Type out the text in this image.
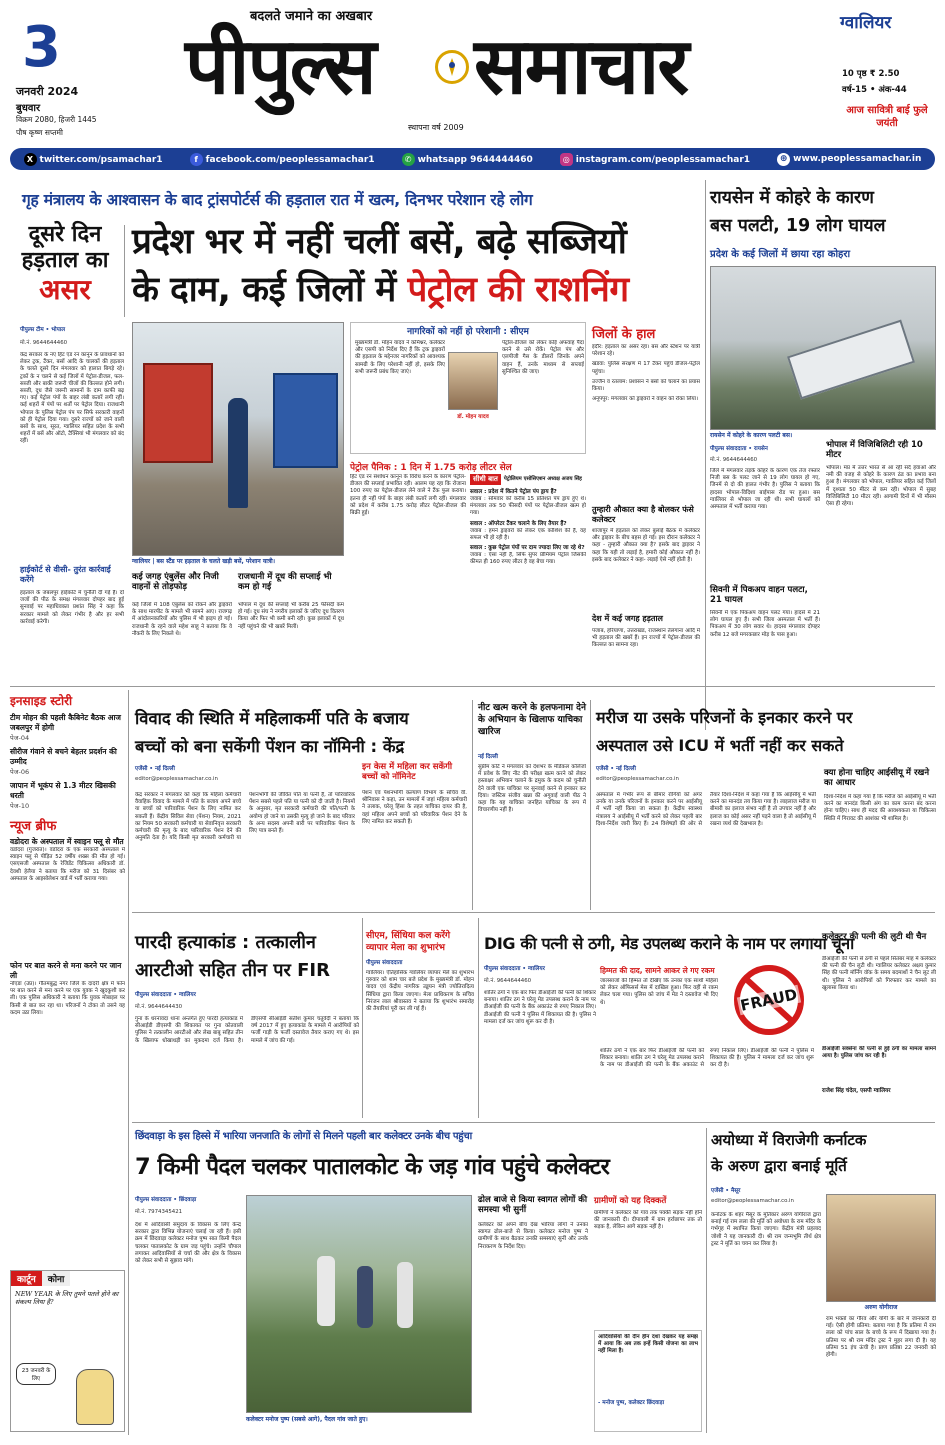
3
जनवरी 2024
बुधवार
विक्रम 2080, हिजरी 1445
पौष कृष्ण सप्तमी
बदलते जमाने का अखबार
पीपुल्स समाचार
स्थापना वर्ष 2009
ग्वालियर
10 पृष्ठ ₹ 2.50
वर्ष-15 • अंक-44
आज सावित्री बाई फुले जयंती
X twitter.com/psamachar1	f facebook.com/peoplessamachar1	✆ whatsapp 9644444460	◎ instagram.com/peoplessamachar1	⊕ www.peoplessamachar.in
गृह मंत्रालय के आश्वासन के बाद ट्रांसपोर्टर्स की हड़ताल रात में खत्म, दिनभर परेशान रहे लोग
दूसरे दिन
हड़ताल का
असर
प्रदेश भर में नहीं चलीं बसें, बढ़े सब्जियों
के दाम, कई जिलों में पेट्रोल की राशनिंग
पीपुल्स टीम • भोपाल
मो.नं. 9644644460
केंद्र सरकार के नए हिट एंड रन कानून के प्रावधानों को लेकर ट्रक, टैंकर, बसों आदि के चालकों की हड़ताल के चलते दूसरे दिन मंगलवार को हालात बिगड़े रहे। ट्रकों के न चलने से कई जिलों में पेट्रोल-डीजल, फल-सब्जी और बाकी जरूरी चीजों की किल्लत होने लगी। सब्जी, दूध जैसे जरूरी सामानों के दाम काफी बढ़ गए। कई पेट्रोल पंपों के बाहर लंबी कतारें लगी रहीं। कई शहरों में पंपों पर शर्तों पर पेट्रोल दिया। राजधानी भोपाल के पुलिस पेट्रोल पंप पर सिर्फ सरकारी वाहनों को ही पेट्रोल दिया गया। दूसरे राज्यों को जाने वाली बसों के साथ, सूरत, ग्वालियर सहित प्रदेश के सभी शहरों में बसें और ऑटो, टैक्सियां भी मंगलवार को बंद रहीं।
हाईकोर्ट से वीसी- तुरंत कार्रवाई करेंगे
हड़ताल के जबलपुर हाईकोर्ट में चुनौती दी गई है। दो जजों की पीठ के समक्ष मंगलवार दोपहर बाद हुई सुनवाई पर महाधिवक्ता प्रशांत सिंह ने कहा कि सरकार मामले को लेकर गंभीर है और हर सभी कार्रवाई करेगी।
ग्वालियर | बस स्टैंड पर हड़ताल के चलते खड़ी बसें, परेशान यात्री।
कई जगह एंबुलेंस और निजी वाहनों से तोड़फोड़
कई जिलों में 108 एंबुलेंस को रोकने और ड्राइवरों के साथ मारपीट के मामले भी सामने आए। राजगढ़ में आंदोलनकारियों और पुलिस में भी झड़प हो गई। राजधानी के रहने वाले महेश साहू ने बताया कि वे नौकरी के लिए निकले थे।
राजधानी में दूध की सप्लाई भी कम हो गई
भोपाल में दूध की सप्लाई भी करीब 25 फीसदी कम हो गई। दूध संघ ने नगरीय इलाकों के जरिए दूध वितरण किया और फिर भी कमी बनी रही। कुछ इलाकों में दूध नहीं पहुंचने की भी खबरें मिलीं।
नागरिकों को नहीं हो परेशानी : सीएम
मुख्यमंत्री डॉ. मोहन यादव ने कमिश्नर, कलेक्टर और एसपी को निर्देश दिए हैं कि ट्रक ड्राइवरों की हड़ताल के मद्देनजर नागरिकों को आवश्यक सामग्री के लिए परेशानी नहीं हो, इसके लिए सभी जरूरी प्रबंध किए जाएं।
डॉ. मोहन यादव
पेट्रोल-डीजल को लेकर कोई अफवाह पैदा करने से उसे रोकें। पेट्रोल पंप और एलपीजी गैस के डीलरों जिनके अपने वाहन हैं, उनके माध्यम से सप्लाई सुनिश्चित की जाए।
पेट्रोल पैनिक : 1 दिन में 1.75 करोड़ लीटर सेल
हिट एंड रन संशोधन कानून के विरोध करने के कारण पेट्रोल-डीजल की सप्लाई प्रभावित रही। आलम यह रहा कि रोजाना 100 रुपए का पेट्रोल-डीजल लेने वाले ने टैंक फुल कराया। इतना ही नहीं पंपों के बाहर लंबी कतारें लगी रहीं। मंगलवार को प्रदेश में करीब 1.75 करोड़ लीटर पेट्रोल-डीजल की बिक्री हुई।
सीधी बात	पेट्रोलियम एसोसिएशन अध्यक्ष अजय सिंह
सवाल : प्रदेश में कितने पेट्रोल पंप ड्राय हैं?
जवाब : सोमवार को करीब 15 प्रतिशत पंप ड्राय हुए थे। मंगलवार तक 50 फीसदी पंपों पर पेट्रोल-डीजल खत्म हो गया।
सवाल : ऑपरेटर टैंकर चलाने के लिए तैयार हैं?
जवाब : हमने ड्राइवरों को लेकर एक कोशिश की है, वह सफल भी हो रही है।
सवाल : कुछ पेट्रोल पंपों पर दाम ज्यादा लिए जा रहे थे?
जवाब : ऐसा नहीं है, सिर्फ सुपर प्रीमियम पेट्रोल जिसकी कीमत ही 160 रुपए लीटर है वह बेचा गया।
जिलों के हाल
इंदौर: हड़ताल का असर रहा। बस और स्टेशन पर यात्री परेशान रहे।
खंडवा: पुलिस संरक्षण में 17 टैंकर पहुंचे डीजल-पेट्रोल पहुंचा।
उज्जैन व रतलाम: प्रशासन ने बसों को चलाने का प्रयास किया।
अनूपपुर: मंगलवार को ड्राइवरों ने वाहन को रोका लिया।
तुम्हारी औकात क्या है बोलकर फंसे कलेक्टर
शाजापुर में हड़ताल को लेकर बुलाई बैठक में कलेक्टर और ड्राइवर के बीच बहस हो गई। इस दौरान कलेक्टर ने कहा - तुम्हारी औकात क्या है? इसके बाद ड्राइवर ने कहा कि यही तो लड़ाई है, हमारी कोई औकात नहीं है। इसके बाद कलेक्टर ने कहा- लड़ाई ऐसे नहीं होती है।
देश में कई जगह हड़ताल
पंजाब, हरियाणा, उत्तराखंड, राजस्थान तेलंगाना आदि में भी हड़ताल की खबरें हैं। इन राज्यों में पेट्रोल-डीजल की किल्लत का सामना रहा।
रायसेन में कोहरे के कारण
बस पलटी, 19 लोग घायल
प्रदेश के कई जिलों में छाया रहा कोहरा
रायसेन में कोहरे के कारण पलटी बस।
पीपुल्स संवाददाता • रायसेन
मो.नं. 9644644460
जिले में मंगलवार तड़के कोहरे के कारण एक तेज रफ्तार निजी बस के पलट जाने से 19 लोग घायल हो गए, जिनमें से दो की हालत गंभीर है। पुलिस ने बताया कि हादसा भोपाल-विदिशा बाईपास रोड पर हुआ। बस ग्वालियर से भोपाल जा रही थी। सभी घायलों को अस्पताल में भर्ती कराया गया।
सिवनी में पिकअप वाहन पलटा, 21 घायल
सिवनी में एक पिकअप वाहन पलट गया। हादसे में 21 लोग घायल हुए हैं। सभी जिला अस्पताल में भर्ती हैं। पिकअप में 30 लोग सवार थे। हादसा मंगलवार दोपहर करीब 12 बजे मगरकछार मोड़ के पास हुआ।
भोपाल में विजिबिलिटी रही 10 मीटर
भोपाल। मप्र में उत्तर भारत से आ रही सर्द हवाओं और नमी की वजह से कोहरे के कारण ठंड का प्रभाव बना हुआ है। मंगलवार को भोपाल, ग्वालियर सहित कई जिलों में दृश्यता 50 मीटर से कम रही। भोपाल में सुबह विजिबिलिटी 10 मीटर रही। आगामी दिनों में भी मौसम ऐसा ही रहेगा।
इनसाइड स्टोरी
टीम मोहन की पहली कैबिनेट बैठक आज जबलपुर में होगी
पेज-04
सीरीज गंवाने से बचने बेहतर प्रदर्शन की उम्मीद
पेज-06
जापान में भूकंप से 1.3 मीटर खिसकी धरती
पेज-10
न्यूज ब्रीफ
वडोदरा के अस्पताल में स्वाइन फ्लू से मौत
वडोदरा (गुजरात)। वडोदरा के एक सरकारी अस्पताल में स्वाइन फ्लू से पीड़ित 52 वर्षीय शख्स की मौत हो गई। एसएसजी अस्पताल के रेजिडेंट चिकित्सा अधिकारी डॉ. देवशी हेलैया ने बताया कि मरीज को 31 दिसंबर को अस्पताल के आइसोलेशन वार्ड में भर्ती कराया गया।
फोन पर बात करने से मना करने पर जान ली
नोएडा (उप्र)। गौतमबुद्ध नगर जिले के दादरी क्षेत्र में फोन पर बात करने से मना करने पर एक युवक ने खुदकुशी कर ली। एक पुलिस अधिकारी ने बताया कि युवक मोबाइल पर किसी से बात कर रहा था। परिजनों ने टोका तो उसने यह कदम उठा लिया।
कार्टून	कोना
NEW YEAR के लिए तुमने पतले होने का संकल्प लिया है?
23 जनवरी के लिए
विवाद की स्थिति में महिलाकर्मी पति के बजाय
बच्चों को बना सकेंगी पेंशन का नॉमिनी : केंद्र
एजेंसी • नई दिल्ली
editor@peoplessamachar.co.in
केंद्र सरकार ने मंगलवार को कहा कि महिला कर्मचारी वैवाहिक विवाद के मामले में पति के बजाय अपने बच्चे या बच्चों को पारिवारिक पेंशन के लिए नामित कर सकती हैं। केंद्रीय सिविल सेवा (पेंशन) नियम, 2021 का नियम 50 सरकारी कर्मचारी या सेवानिवृत्त सरकारी कर्मचारी की मृत्यु के बाद पारिवारिक पेंशन देने की अनुमति देता है। यदि किसी मृत सरकारी कर्मचारी या पेंशनभोगी की जीवित पति या पत्नी है, तो पारिवारिक पेंशन सबसे पहले पति या पत्नी को दी जाती है। नियमों के अनुसार, मृत सरकारी कर्मचारी की पति/पत्नी के अयोग्य हो जाने या उसकी मृत्यु हो जाने के बाद परिवार के अन्य सदस्य अपनी बारी पर पारिवारिक पेंशन के लिए पात्र बनते हैं।
इन केस में महिला कर सकेंगी बच्चों को नॉमिनेट
पेंशन एवं पेंशनभोगी कल्याण विभाग के सचिव वी. श्रीनिवास ने कहा, उन मामलों में जहां महिला कर्मचारी ने तलाक, घरेलू हिंसा के तहत याचिका दायर की है, वहां महिला अपने बच्चों को परिवारिक पेंशन देने के लिए नामित कर सकती हैं।
नीट खत्म करने के हलफनामा देने के अभियान के खिलाफ याचिका खारिज
नई दिल्ली
सुप्रीम कोर्ट ने मंगलवार को देशभर के मेडिकल कॉलेजों में प्रवेश के लिए नीट की परीक्षा खत्म करने को लेकर हस्ताक्षर अभियान चलाने के द्रमुक के कदम को चुनौती देने वाली एक याचिका पर सुनवाई करने से इनकार कर दिया। जस्टिस संजीव खन्ना की अगुवाई वाली पीठ ने कहा कि यह याचिका जनहित याचिका के रूप में विचारणीय नहीं है।
मरीज या उसके परिजनों के इनकार करने पर
अस्पताल उसे ICU में भर्ती नहीं कर सकते
एजेंसी • नई दिल्ली
editor@peoplessamachar.co.in
अस्पताल में गंभीर रूप से बीमार रोगियों को अगर उनके या उनके परिजनों के इनकार करने पर आईसीयू में भर्ती नहीं किया जा सकता है। केंद्रीय स्वास्थ्य मंत्रालय ने आईसीयू में भर्ती करने को लेकर पहली बार दिशा-निर्देश जारी किए हैं। 24 विशेषज्ञों की ओर से तैयार दिशा-निर्देश में कहा गया है कि आईसीयू में भर्ती करने का मानदंड तय किया गया है। लाइलाज मरीज या बीमारी का इलाज संभव नहीं है तो उपचार नहीं है और इलाज का कोई असर नहीं पड़ने वाला है तो आईसीयू में रखना व्यर्थ की देखभाल है।
क्या होना चाहिए आईसीयू में रखने का आधार
दिशा-निर्देश में कहा गया है कि मरीज को आईसीयू में भर्ती करने का मानदंड किसी अंग का काम करना बंद करना होना चाहिए। साथ ही मदद की आवश्यकता या चिकित्सा स्थिति में गिरावट की आशंका भी शामिल है।
पारदी हत्याकांड : तत्कालीन
आरटीओ सहित तीन पर FIR
पीपुल्स संवाददाता • ग्वालियर
मो.नं. 9644644430
गुना के धरनावदा थाना अन्तर्गत हुए पारदी हत्याकांड में सीआईडी डीएसपी की शिकायत पर गुना कोतवाली पुलिस ने तत्कालीन आरटीओ और लेख बाबू सहित तीन के खिलाफ धोखाधड़ी का मुकदमा दर्ज किया है। डीएसपी सीआईडी सतीश कुमार चतुर्वेदी ने बताया कि वर्ष 2017 में हुए हत्याकांड के मामले में आरोपियों को फर्जी गाड़ी के फर्जी दस्तावेज तैयार कराए गए थे। इस मामले में जांच की गई।
सीएम, सिंधिया कल करेंगे व्यापार मेला का शुभारंभ
पीपुल्स संवाददाता
ग्वालियर। ऐतिहासिक ग्वालियर व्यापार मेले का शुभारंभ गुरुवार को शाम चार बजे प्रदेश के मुख्यमंत्री डॉ. मोहन यादव एवं केंद्रीय नागरिक उड्डयन मंत्री ज्योतिरादित्य सिंधिया द्वारा किया जाएगा। मेला प्राधिकरण के सचिव निरंजन लाल श्रीवास्तव ने बताया कि शुभारंभ समारोह की तैयारियां पूरी कर ली गई हैं।
DIG की पत्नी से ठगी, मेड उपलब्ध कराने के नाम पर लगाया चूना
पीपुल्स संवाददाता • ग्वालियर
मो.नं. 9644644460
शातिर ठगों ने एक बार फिर डीआईजी की पत्नी को शिकार बनाया। शातिर ठग ने घरेलू मेड उपलब्ध कराने के नाम पर डीआईजी की पत्नी के बैंक अकाउंट से रुपए निकाल लिए। डीआईजी की पत्नी ने पुलिस में शिकायत की है। पुलिस ने मामला दर्ज कर जांच शुरू कर दी है।
हिम्मत की दाद, सामने आकर ले गए रकम
जालसाजों की हिम्मत तो देखिए कि उनका एक साथी महिला को लेकर ऑफिसर्स मेस में दाखिल हुआ। फिर वहीं से रकम लेकर चला गया। पुलिस को जांच में मेड ने दस्तावेज भी दिए थे।	FRAUD
शातिर ठगों ने एक बार फिर डीआईजी की पत्नी को शिकार बनाया। शातिर ठग ने घरेलू मेड उपलब्ध कराने के नाम पर डीआईजी की पत्नी के बैंक अकाउंट से रुपए निकाल लिए। डीआईजी की पत्नी ने पुलिस में शिकायत की है। पुलिस ने मामला दर्ज कर जांच शुरू कर दी है।
कलेक्टर की पत्नी की लुटी थी चैन
डीआईजी की पत्नी से ठगी से पहले सितंबर माह में कलेक्टर की पत्नी की चैन लुटी थी। ग्वालियर कलेक्टर अक्षय कुमार सिंह की पत्नी मॉर्निंग वॉक के समय बदमाशों ने चैन लूट ली थी। पुलिस ने आरोपियों को गिरफ्तार कर मामले का खुलासा किया था।
डीआईजी सक्सेना की पत्नी से हुई ठगी का मामला सामने आया है। पुलिस जांच कर रही है।
राजेश सिंह चंदेल, एसपी ग्वालियर
छिंदवाड़ा के इस हिस्से में भारिया जनजाति के लोगों से मिलने पहली बार कलेक्टर उनके बीच पहुंचा
7 किमी पैदल चलकर पातालकोट के जड़ गांव पहुंचे कलेक्टर
पीपुल्स संवाददाता • छिंदवाड़ा
मो.नं. 7974345421
देश में आदिवासी समुदाय के विकास के लिए केन्द्र सरकार द्वारा विभिन्न योजनाएं चलाई जा रही हैं। इसी क्रम में छिंदवाड़ा कलेक्टर मनोज पुष्प सात किमी पैदल चलकर पातालकोट के ग्राम जड़ पहुंचे। उन्होंने चौपाल लगाकर आदिवासियों से चर्चा की और क्षेत्र के विकास को लेकर सभी से सुझाव मांगे।
कलेक्टर मनोज पुष्प (सबसे आगे), पैदल गांव जाते हुए।
ढोल बाजे से किया स्वागत लोगों की समस्या भी सुनीं
कलेक्टर को अपने बीच देख भारिया लोगों ने उनका स्वागत ढोल-बाजे से किया। कलेक्टर मनोज पुष्प ने ग्रामीणों के साथ बैठकर उनकी समस्याएं सुनीं और उनके निराकरण के निर्देश दिए।
ग्रामीणों को यह दिक्कतें
ग्रामीणों ने कलेक्टर को गांव तक पक्की सड़क नहीं होने की जानकारी दी। दीपावली में ग्राम हर्राछापर तक तो सड़क है, लेकिन आगे सड़क नहीं है।
आदिवासियों की दीन हीन दशा देखकर यह समझ में आया कि अब तक इन्हें किसी योजना का लाभ नहीं मिला है।
- मनोज पुष्प, कलेक्टर छिंदवाड़ा
अयोध्या में विराजेगी कर्नाटक
के अरुण द्वारा बनाई मूर्ति
एजेंसी • मैसूर
editor@peoplessamachar.co.in
कर्नाटक के शहर मैसूर के मूर्तिकार अरुण योगीराज द्वारा बनाई गई राम लला की मूर्ति को अयोध्या के राम मंदिर के गर्भगृह में स्थापित किया जाएगा। केंद्रीय मंत्री प्रहलाद जोशी ने यह जानकारी दी। श्री राम जन्मभूमि तीर्थ क्षेत्र ट्रस्ट ने मूर्ति का चयन कर लिया है।
अरुण योगीराज
राम भक्तों का गौरव और योगी के बारे में जानकारी दी गई। ऐसी होगी प्रतिमा: बताया गया है कि प्रतिमा में राम लला को पांच साल के बच्चे के रूप में दिखाया गया है। प्रतिमा पर श्री राम मंदिर ट्रस्ट ने मुहर लगा दी है। यह प्रतिमा 51 इंच ऊंची है। प्राण प्रतिष्ठा 22 जनवरी को होगी।
